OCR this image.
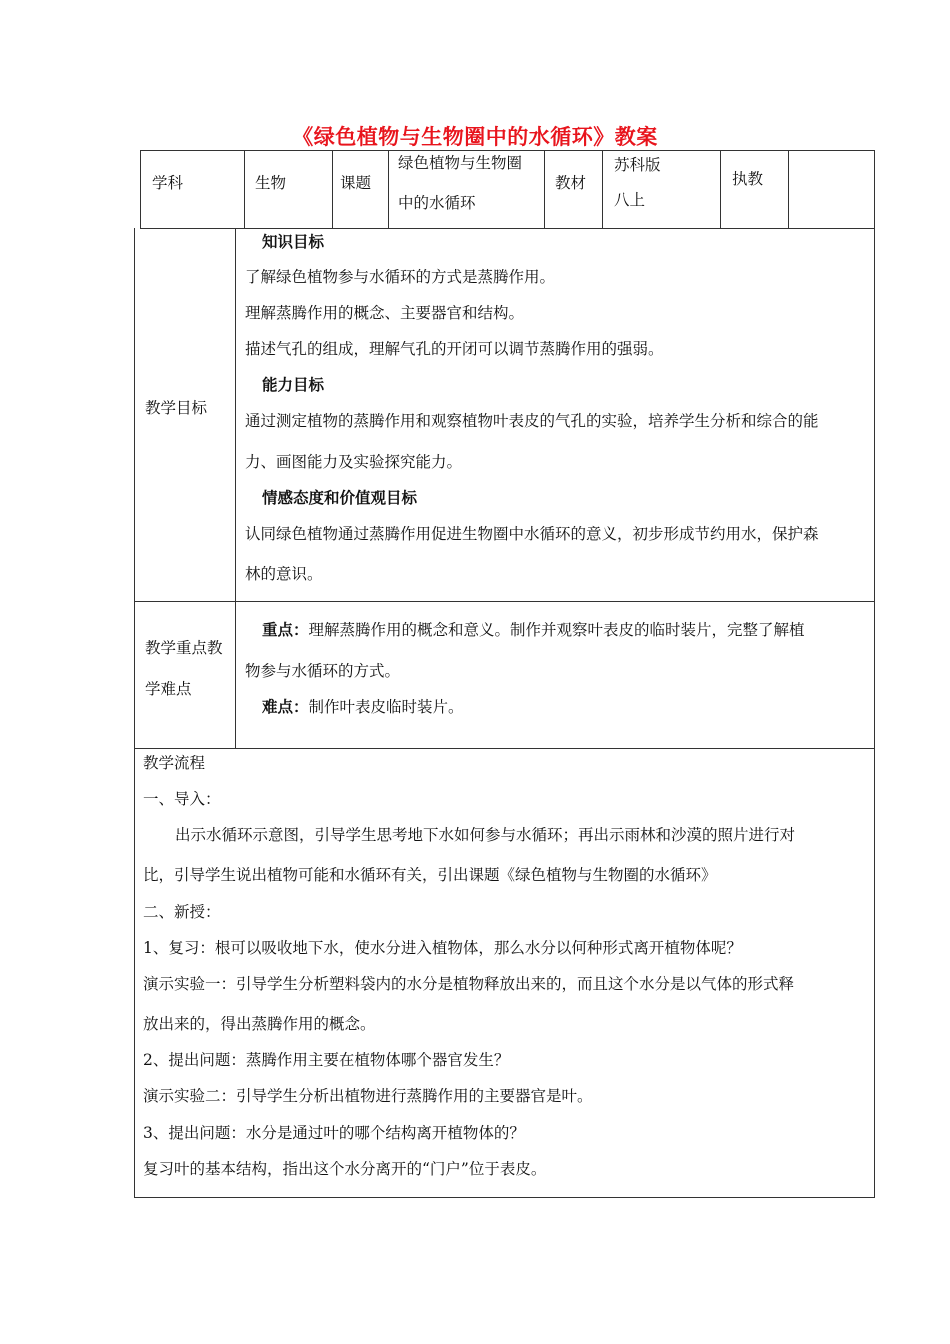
《绿色植物与生物圈中的水循环》教案
学科	生物	课题
绿色植物与生物圈
中的水循环
教材
苏科版
八上
执教
教学目标
知识目标
了解绿色植物参与水循环的方式是蒸腾作用。
理解蒸腾作用的概念、主要器官和结构。
描述气孔的组成，理解气孔的开闭可以调节蒸腾作用的强弱。
能力目标
通过测定植物的蒸腾作用和观察植物叶表皮的气孔的实验，培养学生分析和综合的能
力、画图能力及实验探究能力。
情感态度和价值观目标
认同绿色植物通过蒸腾作用促进生物圈中水循环的意义，初步形成节约用水，保护森
林的意识。
教学重点教
学难点
重点：理解蒸腾作用的概念和意义。制作并观察叶表皮的临时装片，完整了解植
物参与水循环的方式。
难点：制作叶表皮临时装片。
教学流程
一、导入：
出示水循环示意图，引导学生思考地下水如何参与水循环；再出示雨林和沙漠的照片进行对
比，引导学生说出植物可能和水循环有关，引出课题《绿色植物与生物圈的水循环》
二、新授：
1、复习：根可以吸收地下水，使水分进入植物体，那么水分以何种形式离开植物体呢？
演示实验一：引导学生分析塑料袋内的水分是植物释放出来的，而且这个水分是以气体的形式释
放出来的，得出蒸腾作用的概念。
2、提出问题：蒸腾作用主要在植物体哪个器官发生？
演示实验二：引导学生分析出植物进行蒸腾作用的主要器官是叶。
3、提出问题：水分是通过叶的哪个结构离开植物体的？
复习叶的基本结构，指出这个水分离开的“门户”位于表皮。
